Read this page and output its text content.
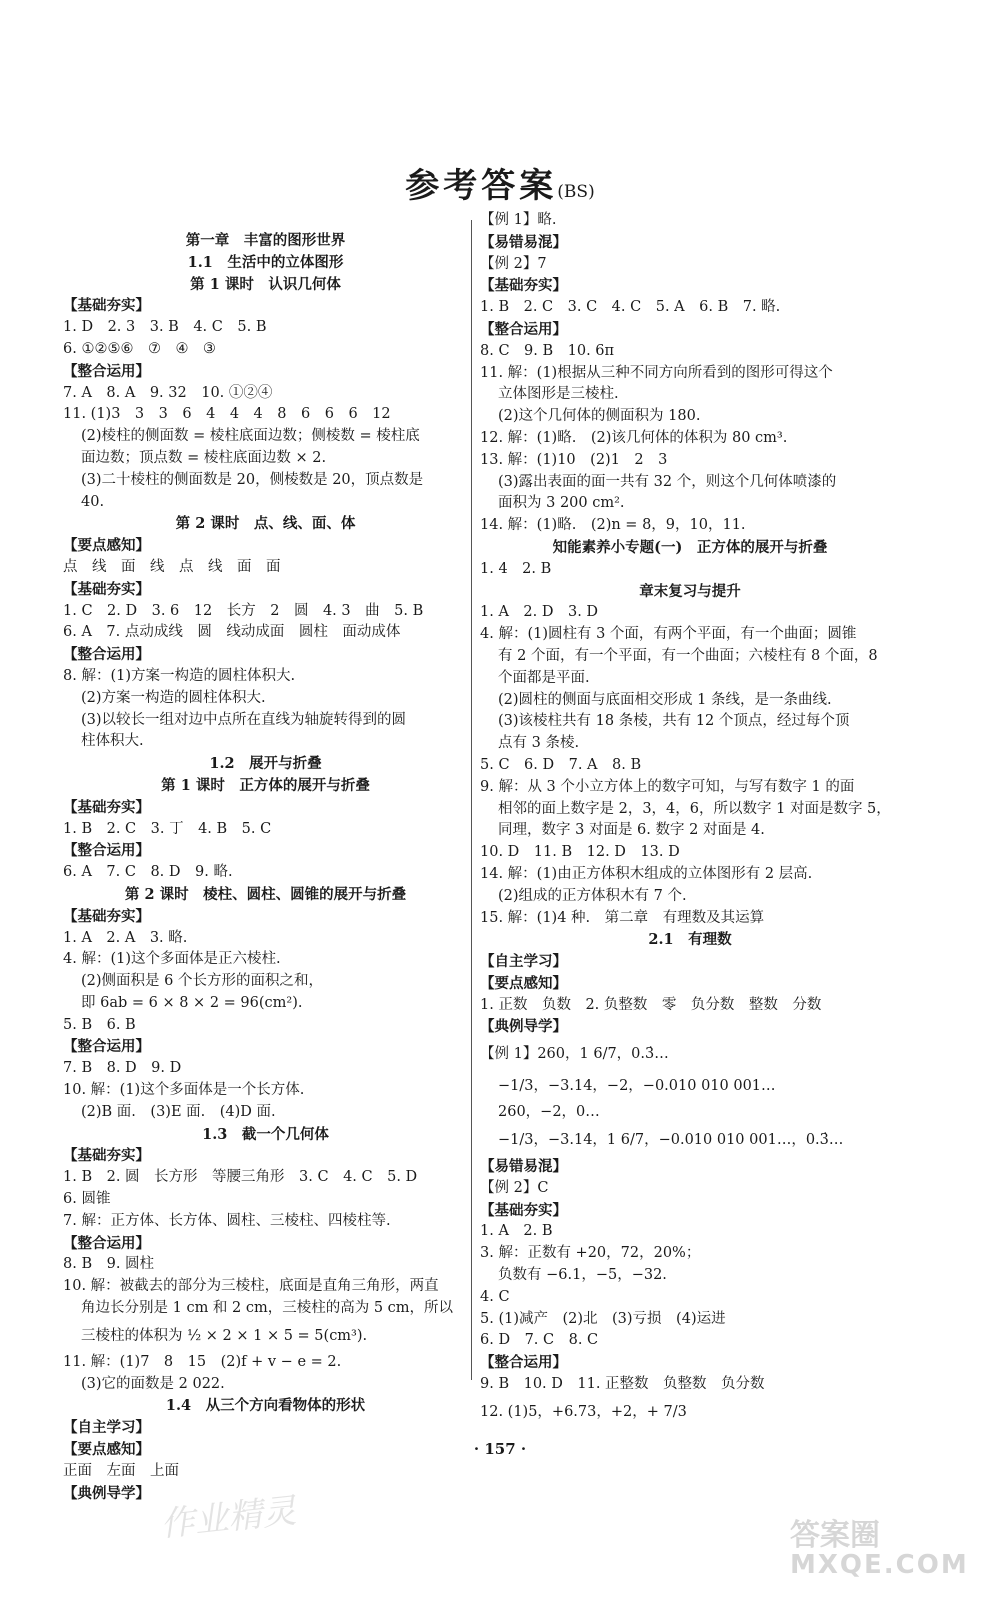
参考答案(BS)
第一章　丰富的图形世界
1.1　生活中的立体图形
第 1 课时　认识几何体
【基础夯实】
1. D　2. 3　3. B　4. C　5. B
6. ①②⑤⑥　⑦　④　③
【整合运用】
7. A　8. A　9. 32　10. ①②④
11. (1)3　3　3　6　4　4　4　8　6　6　6　12
(2)棱柱的侧面数 = 棱柱底面边数；侧棱数 = 棱柱底
面边数；顶点数 = 棱柱底面边数 × 2.
(3)二十棱柱的侧面数是 20，侧棱数是 20，顶点数是
40.
第 2 课时　点、线、面、体
【要点感知】
点　线　面　线　点　线　面　面
【基础夯实】
1. C　2. D　3. 6　12　长方　2　圆　4. 3　曲　5. B
6. A　7. 点动成线　圆　线动成面　圆柱　面动成体
【整合运用】
8. 解：(1)方案一构造的圆柱体积大.
(2)方案一构造的圆柱体积大.
(3)以较长一组对边中点所在直线为轴旋转得到的圆
柱体积大.
1.2　展开与折叠
第 1 课时　正方体的展开与折叠
【基础夯实】
1. B　2. C　3. 丁　4. B　5. C
【整合运用】
6. A　7. C　8. D　9. 略.
第 2 课时　棱柱、圆柱、圆锥的展开与折叠
【基础夯实】
1. A　2. A　3. 略.
4. 解：(1)这个多面体是正六棱柱.
(2)侧面积是 6 个长方形的面积之和，
即 6ab = 6 × 8 × 2 = 96(cm²).
5. B　6. B
【整合运用】
7. B　8. D　9. D
10. 解：(1)这个多面体是一个长方体.
(2)B 面.　(3)E 面.　(4)D 面.
1.3　截一个几何体
【基础夯实】
1. B　2. 圆　长方形　等腰三角形　3. C　4. C　5. D
6. 圆锥
7. 解：正方体、长方体、圆柱、三棱柱、四棱柱等.
【整合运用】
8. B　9. 圆柱
10. 解：被截去的部分为三棱柱，底面是直角三角形，两直
角边长分别是 1 cm 和 2 cm，三棱柱的高为 5 cm，所以
三棱柱的体积为 ½ × 2 × 1 × 5 = 5(cm³).
11. 解：(1)7　8　15　(2)f + v − e = 2.
(3)它的面数是 2 022.
1.4　从三个方向看物体的形状
【自主学习】
【要点感知】
正面　左面　上面
【典例导学】
【例 1】略.
【易错易混】
【例 2】7
【基础夯实】
1. B　2. C　3. C　4. C　5. A　6. B　7. 略.
【整合运用】
8. C　9. B　10. 6π
11. 解：(1)根据从三种不同方向所看到的图形可得这个
立体图形是三棱柱.
(2)这个几何体的侧面积为 180.
12. 解：(1)略.　(2)该几何体的体积为 80 cm³.
13. 解：(1)10　(2)1　2　3
(3)露出表面的面一共有 32 个，则这个几何体喷漆的
面积为 3 200 cm².
14. 解：(1)略.　(2)n = 8，9，10，11.
知能素养小专题(一)　正方体的展开与折叠
1. 4　2. B
章末复习与提升
1. A　2. D　3. D
4. 解：(1)圆柱有 3 个面，有两个平面，有一个曲面；圆锥
有 2 个面，有一个平面，有一个曲面；六棱柱有 8 个面，8
个面都是平面.
(2)圆柱的侧面与底面相交形成 1 条线，是一条曲线.
(3)该棱柱共有 18 条棱，共有 12 个顶点，经过每个顶
点有 3 条棱.
5. C　6. D　7. A　8. B
9. 解：从 3 个小立方体上的数字可知，与写有数字 1 的面
相邻的面上数字是 2，3，4，6，所以数字 1 对面是数字 5，
同理，数字 3 对面是 6. 数字 2 对面是 4.
10. D　11. B　12. D　13. D
14. 解：(1)由正方体积木组成的立体图形有 2 层高.
(2)组成的正方体积木有 7 个.
15. 解：(1)4 种.　第二章　有理数及其运算
2.1　有理数
【自主学习】
【要点感知】
1. 正数　负数　2. 负整数　零　负分数　整数　分数
【典例导学】
【例 1】260，1 6/7，0.3̇…
−1/3，−3.14，−2，−0.010 010 001…
260，−2，0…
−1/3，−3.14，1 6/7，−0.010 010 001…，0.3̇…
【易错易混】
【例 2】C
【基础夯实】
1. A　2. B
3. 解：正数有 +20，72，20%；
负数有 −6.1，−5，−32.
4. C
5. (1)减产　(2)北　(3)亏损　(4)运进
6. D　7. C　8. C
【整合运用】
9. B　10. D　11. 正整数　负整数　负分数
12. (1)5，+6.73，+2，+ 7/3
· 157 ·
作业精灵	答案圈
MXQE.COM
